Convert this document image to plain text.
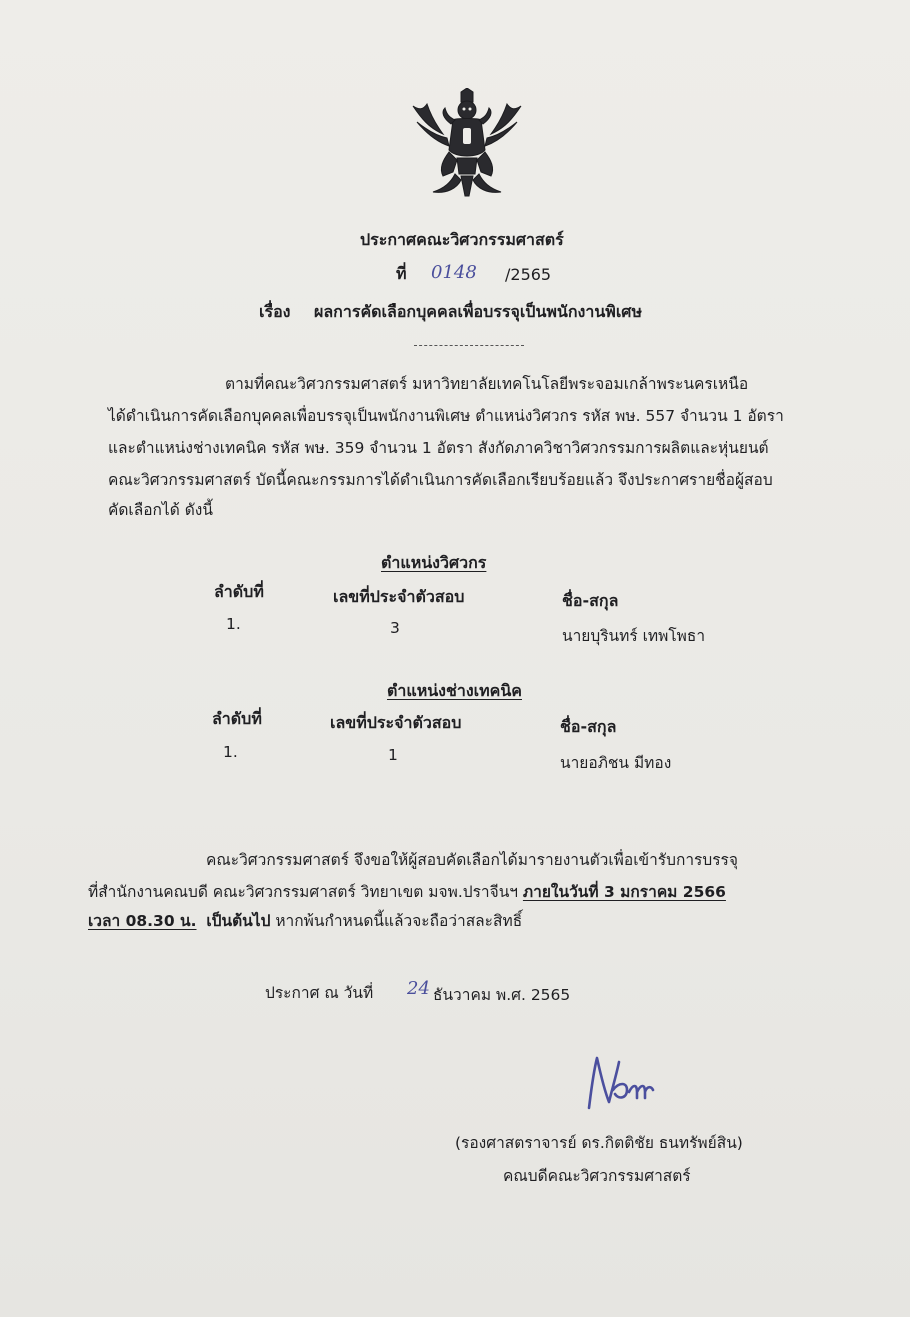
ประกาศคณะวิศวกรรมศาสตร์
ที่ 0148 /2565
เรื่อง ผลการคัดเลือกบุคคลเพื่อบรรจุเป็นพนักงานพิเศษ
ตามที่คณะวิศวกรรมศาสตร์ มหาวิทยาลัยเทคโนโลยีพระจอมเกล้าพระนครเหนือ
ได้ดำเนินการคัดเลือกบุคคลเพื่อบรรจุเป็นพนักงานพิเศษ ตำแหน่งวิศวกร รหัส พษ. 557 จำนวน 1 อัตรา
และตำแหน่งช่างเทคนิค รหัส พษ. 359 จำนวน 1 อัตรา สังกัดภาควิชาวิศวกรรมการผลิตและหุ่นยนต์
คณะวิศวกรรมศาสตร์ บัดนี้คณะกรรมการได้ดำเนินการคัดเลือกเรียบร้อยแล้ว จึงประกาศรายชื่อผู้สอบ
คัดเลือกได้ ดังนี้
ตำแหน่งวิศวกร
ลำดับที่	เลขที่ประจำตัวสอบ	ชื่อ-สกุล
1.	3	นายบุรินทร์ เทพโพธา
ตำแหน่งช่างเทคนิค
ลำดับที่	เลขที่ประจำตัวสอบ	ชื่อ-สกุล
1.	1	นายอภิชน มีทอง
คณะวิศวกรรมศาสตร์ จึงขอให้ผู้สอบคัดเลือกได้มารายงานตัวเพื่อเข้ารับการบรรจุ
ที่สำนักงานคณบดี คณะวิศวกรรมศาสตร์ วิทยาเขต มจพ.ปราจีนฯ ภายในวันที่ 3 มกราคม 2566
เวลา 08.30 น. เป็นต้นไป หากพ้นกำหนดนี้แล้วจะถือว่าสละสิทธิ์
ประกาศ ณ วันที่ 24 ธันวาคม พ.ศ. 2565
(รองศาสตราจารย์ ดร.กิตติชัย ธนทรัพย์สิน)
คณบดีคณะวิศวกรรมศาสตร์
